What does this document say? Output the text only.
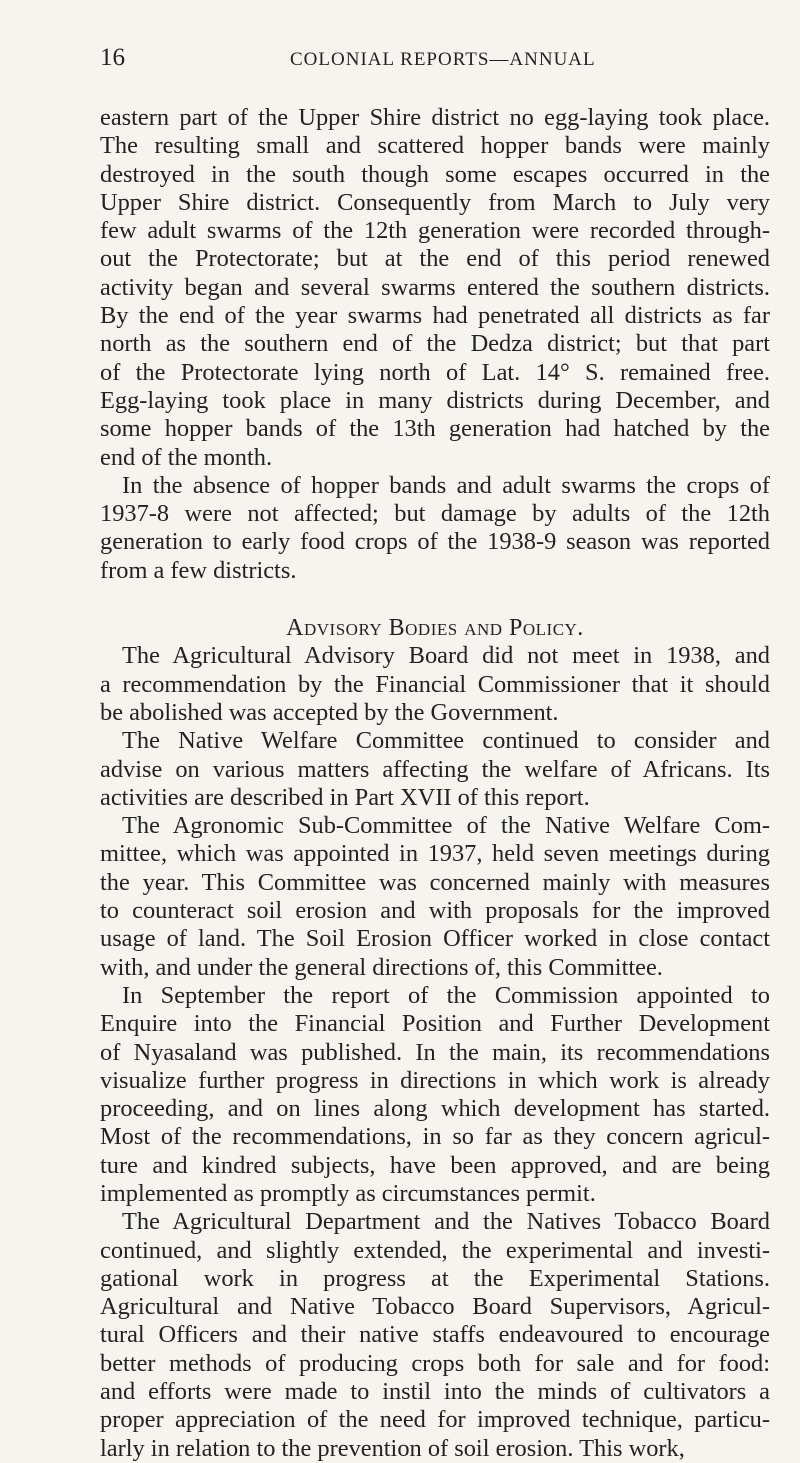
16	COLONIAL REPORTS—ANNUAL
eastern part of the Upper Shire district no egg-laying took place.
The resulting small and scattered hopper bands were mainly
destroyed in the south though some escapes occurred in the
Upper Shire district. Consequently from March to July very
few adult swarms of the 12th generation were recorded through-
out the Protectorate; but at the end of this period renewed
activity began and several swarms entered the southern districts.
By the end of the year swarms had penetrated all districts as far
north as the southern end of the Dedza district; but that part
of the Protectorate lying north of Lat. 14° S. remained free.
Egg-laying took place in many districts during December, and
some hopper bands of the 13th generation had hatched by the
end of the month.
In the absence of hopper bands and adult swarms the crops of
1937-8 were not affected; but damage by adults of the 12th
generation to early food crops of the 1938-9 season was reported
from a few districts.
Advisory Bodies and Policy.
The Agricultural Advisory Board did not meet in 1938, and
a recommendation by the Financial Commissioner that it should
be abolished was accepted by the Government.
The Native Welfare Committee continued to consider and
advise on various matters affecting the welfare of Africans. Its
activities are described in Part XVII of this report.
The Agronomic Sub-Committee of the Native Welfare Com-
mittee, which was appointed in 1937, held seven meetings during
the year. This Committee was concerned mainly with measures
to counteract soil erosion and with proposals for the improved
usage of land. The Soil Erosion Officer worked in close contact
with, and under the general directions of, this Committee.
In September the report of the Commission appointed to
Enquire into the Financial Position and Further Development
of Nyasaland was published. In the main, its recommendations
visualize further progress in directions in which work is already
proceeding, and on lines along which development has started.
Most of the recommendations, in so far as they concern agricul-
ture and kindred subjects, have been approved, and are being
implemented as promptly as circumstances permit.
The Agricultural Department and the Natives Tobacco Board
continued, and slightly extended, the experimental and investi-
gational work in progress at the Experimental Stations.
Agricultural and Native Tobacco Board Supervisors, Agricul-
tural Officers and their native staffs endeavoured to encourage
better methods of producing crops both for sale and for food:
and efforts were made to instil into the minds of cultivators a
proper appreciation of the need for improved technique, particu-
larly in relation to the prevention of soil erosion. This work,
